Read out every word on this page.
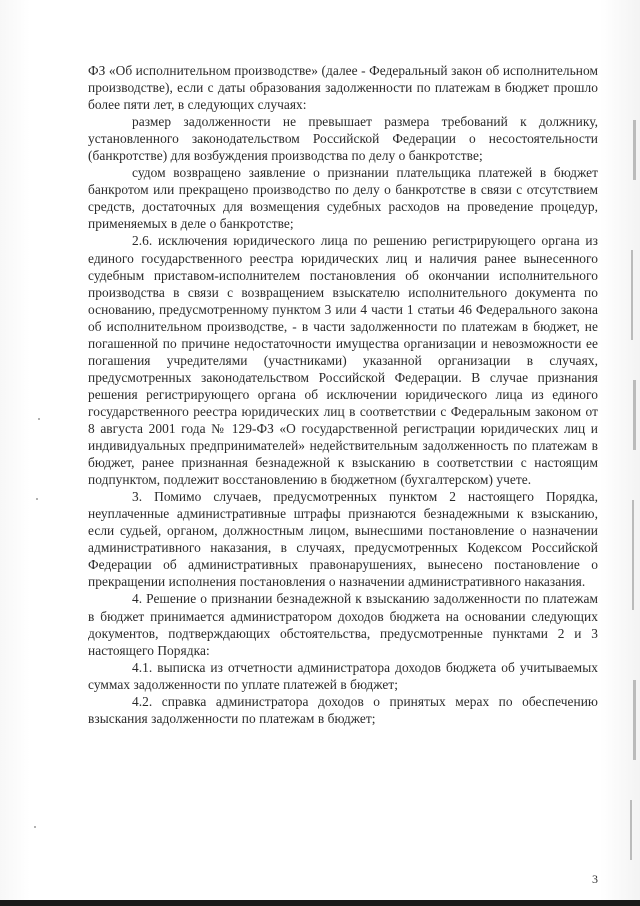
ФЗ «Об исполнительном производстве» (далее - Федеральный закон об исполнительном производстве), если с даты образования задолженности по платежам в бюджет прошло более пяти лет, в следующих случаях:

размер задолженности не превышает размера требований к должнику, установленного законодательством Российской Федерации о несостоятельности (банкротстве) для возбуждения производства по делу о банкротстве;

судом возвращено заявление о признании плательщика платежей в бюджет банкротом или прекращено производство по делу о банкротстве в связи с отсутствием средств, достаточных для возмещения судебных расходов на проведение процедур, применяемых в деле о банкротстве;

2.6. исключения юридического лица по решению регистрирующего органа из единого государственного реестра юридических лиц и наличия ранее вынесенного судебным приставом-исполнителем постановления об окончании исполнительного производства в связи с возвращением взыскателю исполнительного документа по основанию, предусмотренному пунктом 3 или 4 части 1 статьи 46 Федерального закона об исполнительном производстве, - в части задолженности по платежам в бюджет, не погашенной по причине недостаточности имущества организации и невозможности ее погашения учредителями (участниками) указанной организации в случаях, предусмотренных законодательством Российской Федерации. В случае признания решения регистрирующего органа об исключении юридического лица из единого государственного реестра юридических лиц в соответствии с Федеральным законом от 8 августа 2001 года № 129-ФЗ «О государственной регистрации юридических лиц и индивидуальных предпринимателей» недействительным задолженность по платежам в бюджет, ранее признанная безнадежной к взысканию в соответствии с настоящим подпунктом, подлежит восстановлению в бюджетном (бухгалтерском) учете.

3. Помимо случаев, предусмотренных пунктом 2 настоящего Порядка, неуплаченные административные штрафы признаются безнадежными к взысканию, если судьей, органом, должностным лицом, вынесшими постановление о назначении административного наказания, в случаях, предусмотренных Кодексом Российской Федерации об административных правонарушениях, вынесено постановление о прекращении исполнения постановления о назначении административного наказания.

4. Решение о признании безнадежной к взысканию задолженности по платежам в бюджет принимается администратором доходов бюджета на основании следующих документов, подтверждающих обстоятельства, предусмотренные пунктами 2 и 3 настоящего Порядка:

4.1. выписка из отчетности администратора доходов бюджета об учитываемых суммах задолженности по уплате платежей в бюджет;

4.2. справка администратора доходов о принятых мерах по обеспечению взыскания задолженности по платежам в бюджет;

3
